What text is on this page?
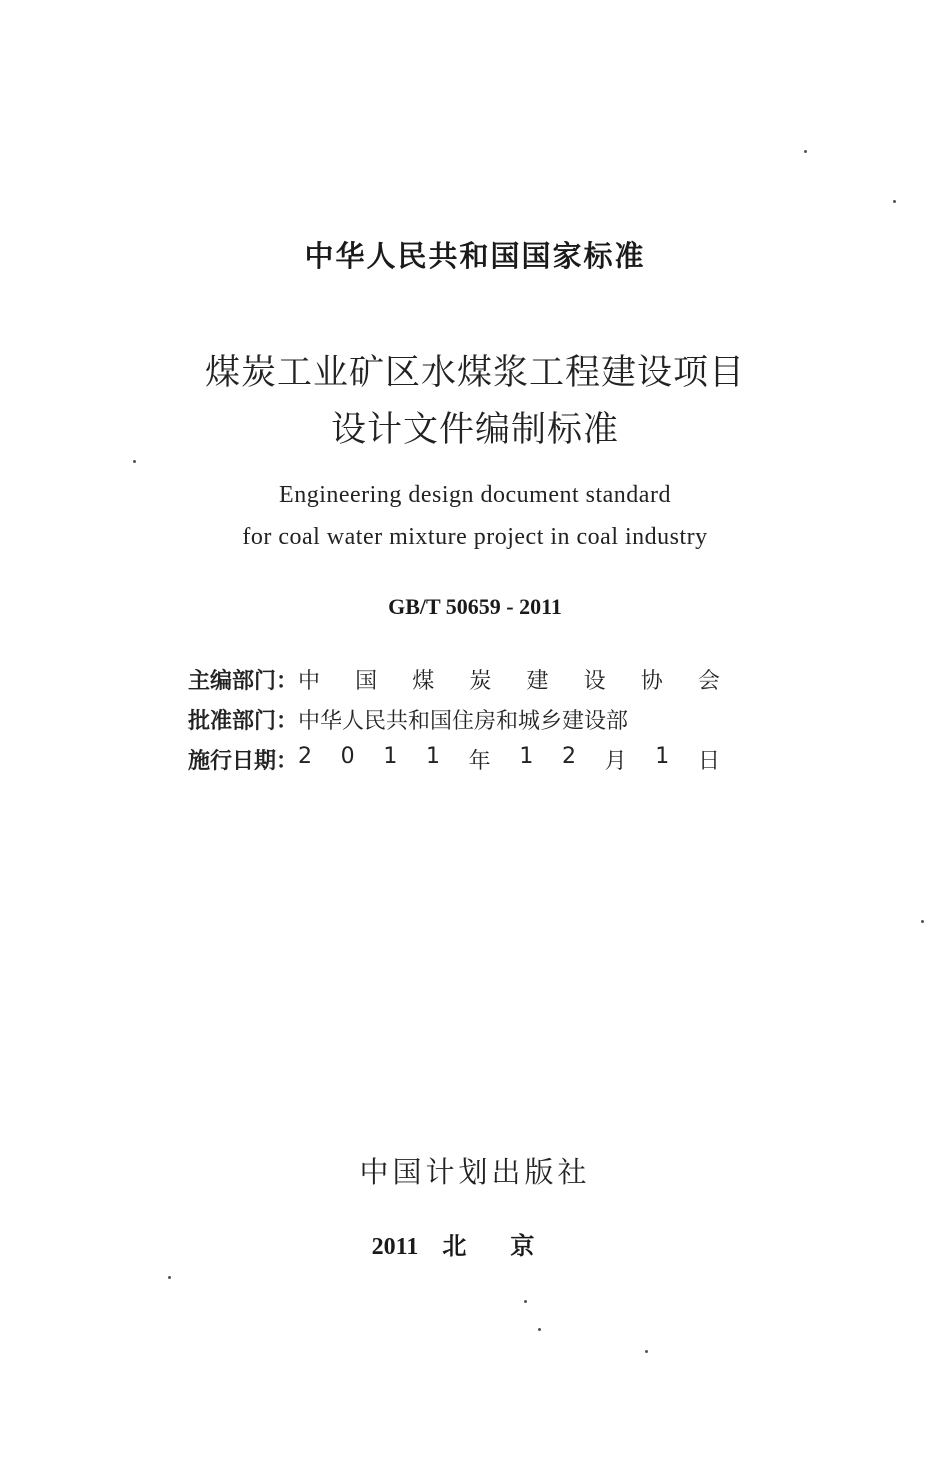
中华人民共和国国家标准
煤炭工业矿区水煤浆工程建设项目
设计文件编制标准
Engineering design document standard
for coal water mixture project in coal industry
GB/T 50659 - 2011
主编部门： 中 国 煤 炭 建 设 协 会
批准部门： 中华人民共和国住房和城乡建设部
施行日期： 2 0 1 1 年 1 2 月 1 日
中国计划出版社
2011 北京
